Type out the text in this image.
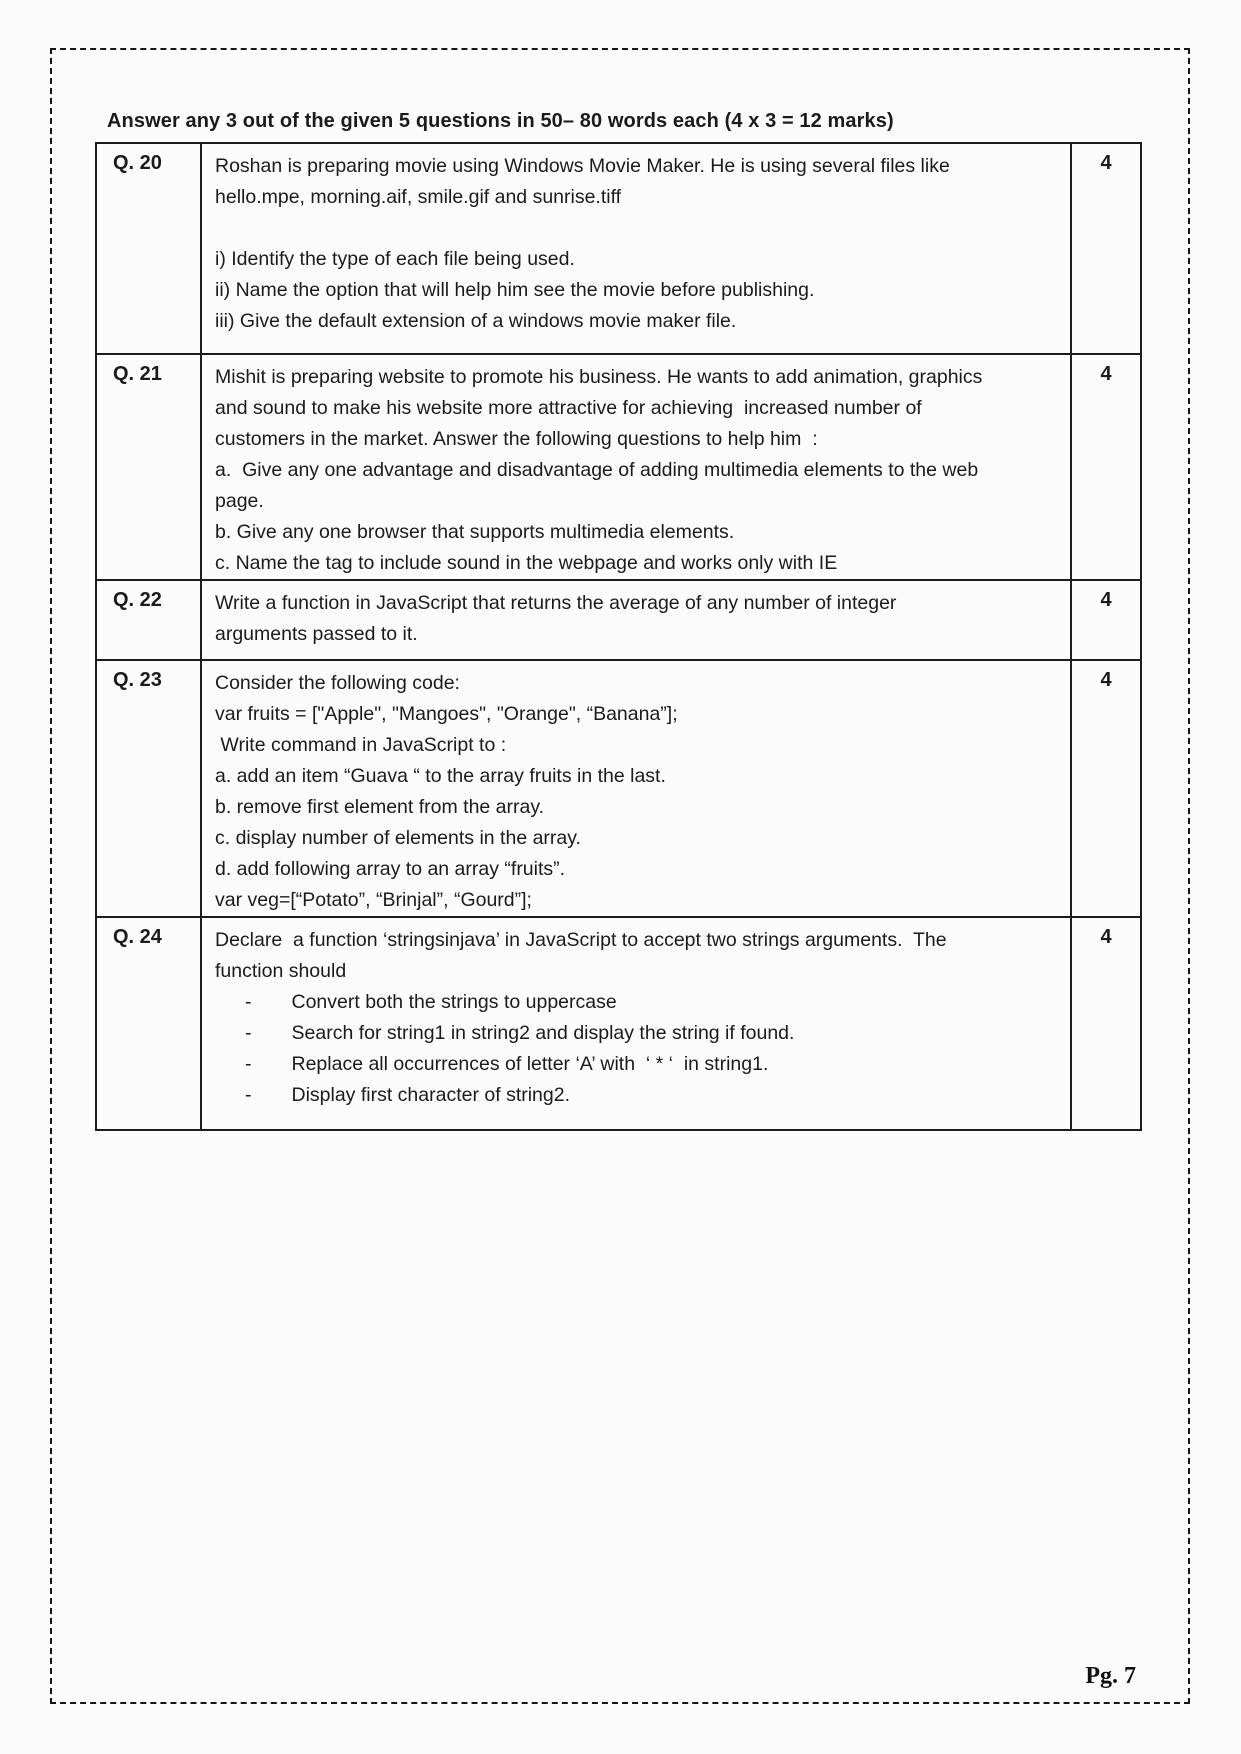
Answer any 3 out of the given 5 questions in 50– 80 words each (4 x 3 = 12 marks)
Q. 20	Roshan is preparing movie using Windows Movie Maker. He is using several files like
hello.mpe, morning.aif, smile.gif and sunrise.tiff
i) Identify the type of each file being used.
ii) Name the option that will help him see the movie before publishing.
iii) Give the default extension of a windows movie maker file.	4
Q. 21	Mishit is preparing website to promote his business. He wants to add animation, graphics
and sound to make his website more attractive for achieving  increased number of
customers in the market. Answer the following questions to help him  :
a.  Give any one advantage and disadvantage of adding multimedia elements to the web
page.
b. Give any one browser that supports multimedia elements.
c. Name the tag to include sound in the webpage and works only with IE
	4
Q. 22	Write a function in JavaScript that returns the average of any number of integer
arguments passed to it.	4
Q. 23	Consider the following code:
var fruits = ["Apple", "Mangoes", "Orange", “Banana”];
Write command in JavaScript to :
a. add an item “Guava “ to the array fruits in the last.
b. remove first element from the array.
c. display number of elements in the array.
d. add following array to an array “fruits”.
var veg=[“Potato”, “Brinjal”, “Gourd”];
	4
Q. 24	Declare  a function ‘stringsinjava’ in JavaScript to accept two strings arguments.  The
function should
- Convert both the strings to uppercase
- Search for string1 in string2 and display the string if found.
- Replace all occurrences of letter ‘A’ with  ‘ * ‘  in string1.
- Display first character of string2.
	4
Pg. 7
